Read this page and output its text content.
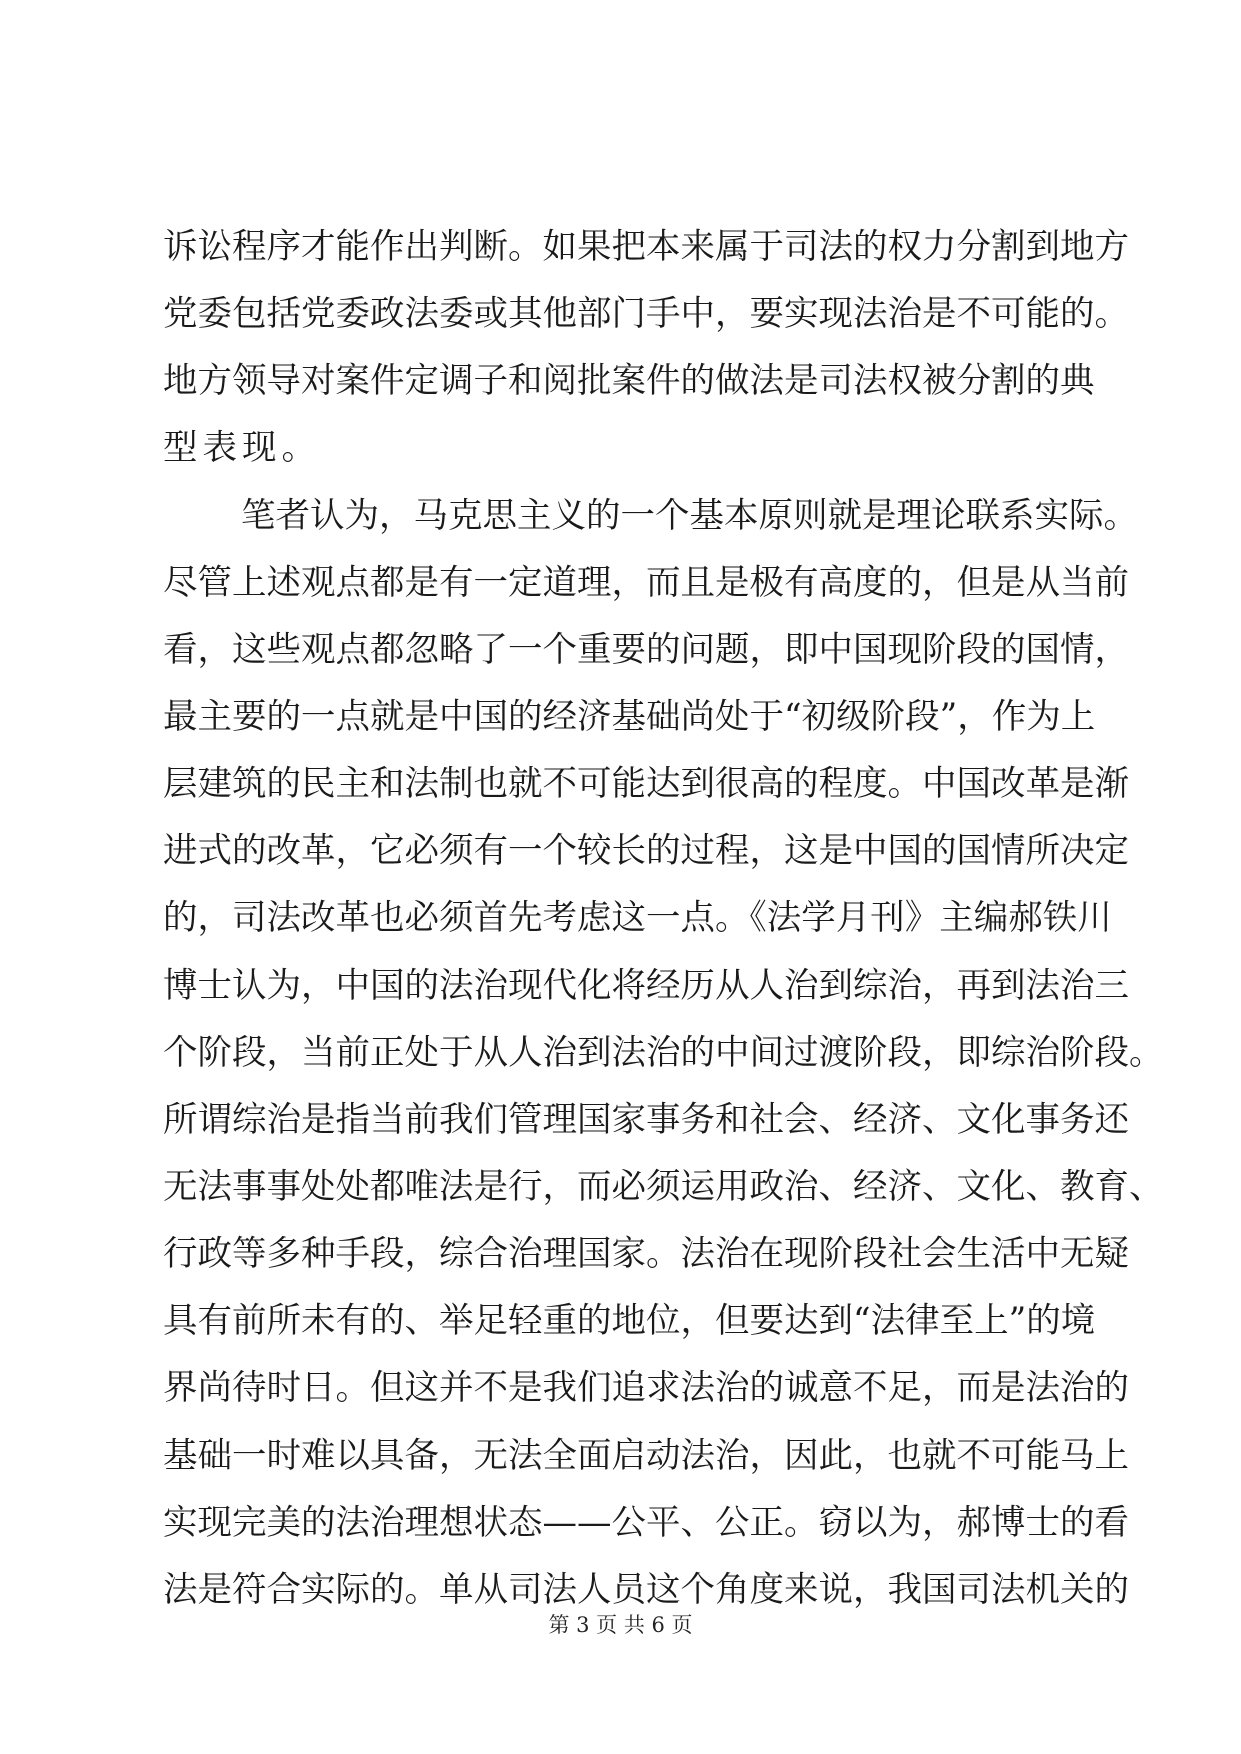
诉讼程序才能作出判断。如果把本来属于司法的权力分割到地方
党委包括党委政法委或其他部门手中，要实现法治是不可能的。
地方领导对案件定调子和阅批案件的做法是司法权被分割的典
型表现。
笔者认为，马克思主义的一个基本原则就是理论联系实际。
尽管上述观点都是有一定道理，而且是极有高度的，但是从当前
看，这些观点都忽略了一个重要的问题，即中国现阶段的国情，
最主要的一点就是中国的经济基础尚处于“初级阶段”，作为上
层建筑的民主和法制也就不可能达到很高的程度。中国改革是渐
进式的改革，它必须有一个较长的过程，这是中国的国情所决定
的，司法改革也必须首先考虑这一点。《法学月刊》主编郝铁川
博士认为，中国的法治现代化将经历从人治到综治，再到法治三
个阶段，当前正处于从人治到法治的中间过渡阶段，即综治阶段。
所谓综治是指当前我们管理国家事务和社会、经济、文化事务还
无法事事处处都唯法是行，而必须运用政治、经济、文化、教育、
行政等多种手段，综合治理国家。法治在现阶段社会生活中无疑
具有前所未有的、举足轻重的地位，但要达到“法律至上”的境
界尚待时日。但这并不是我们追求法治的诚意不足，而是法治的
基础一时难以具备，无法全面启动法治，因此，也就不可能马上
实现完美的法治理想状态——公平、公正。窃以为，郝博士的看
法是符合实际的。单从司法人员这个角度来说，我国司法机关的
第 3 页 共 6 页
